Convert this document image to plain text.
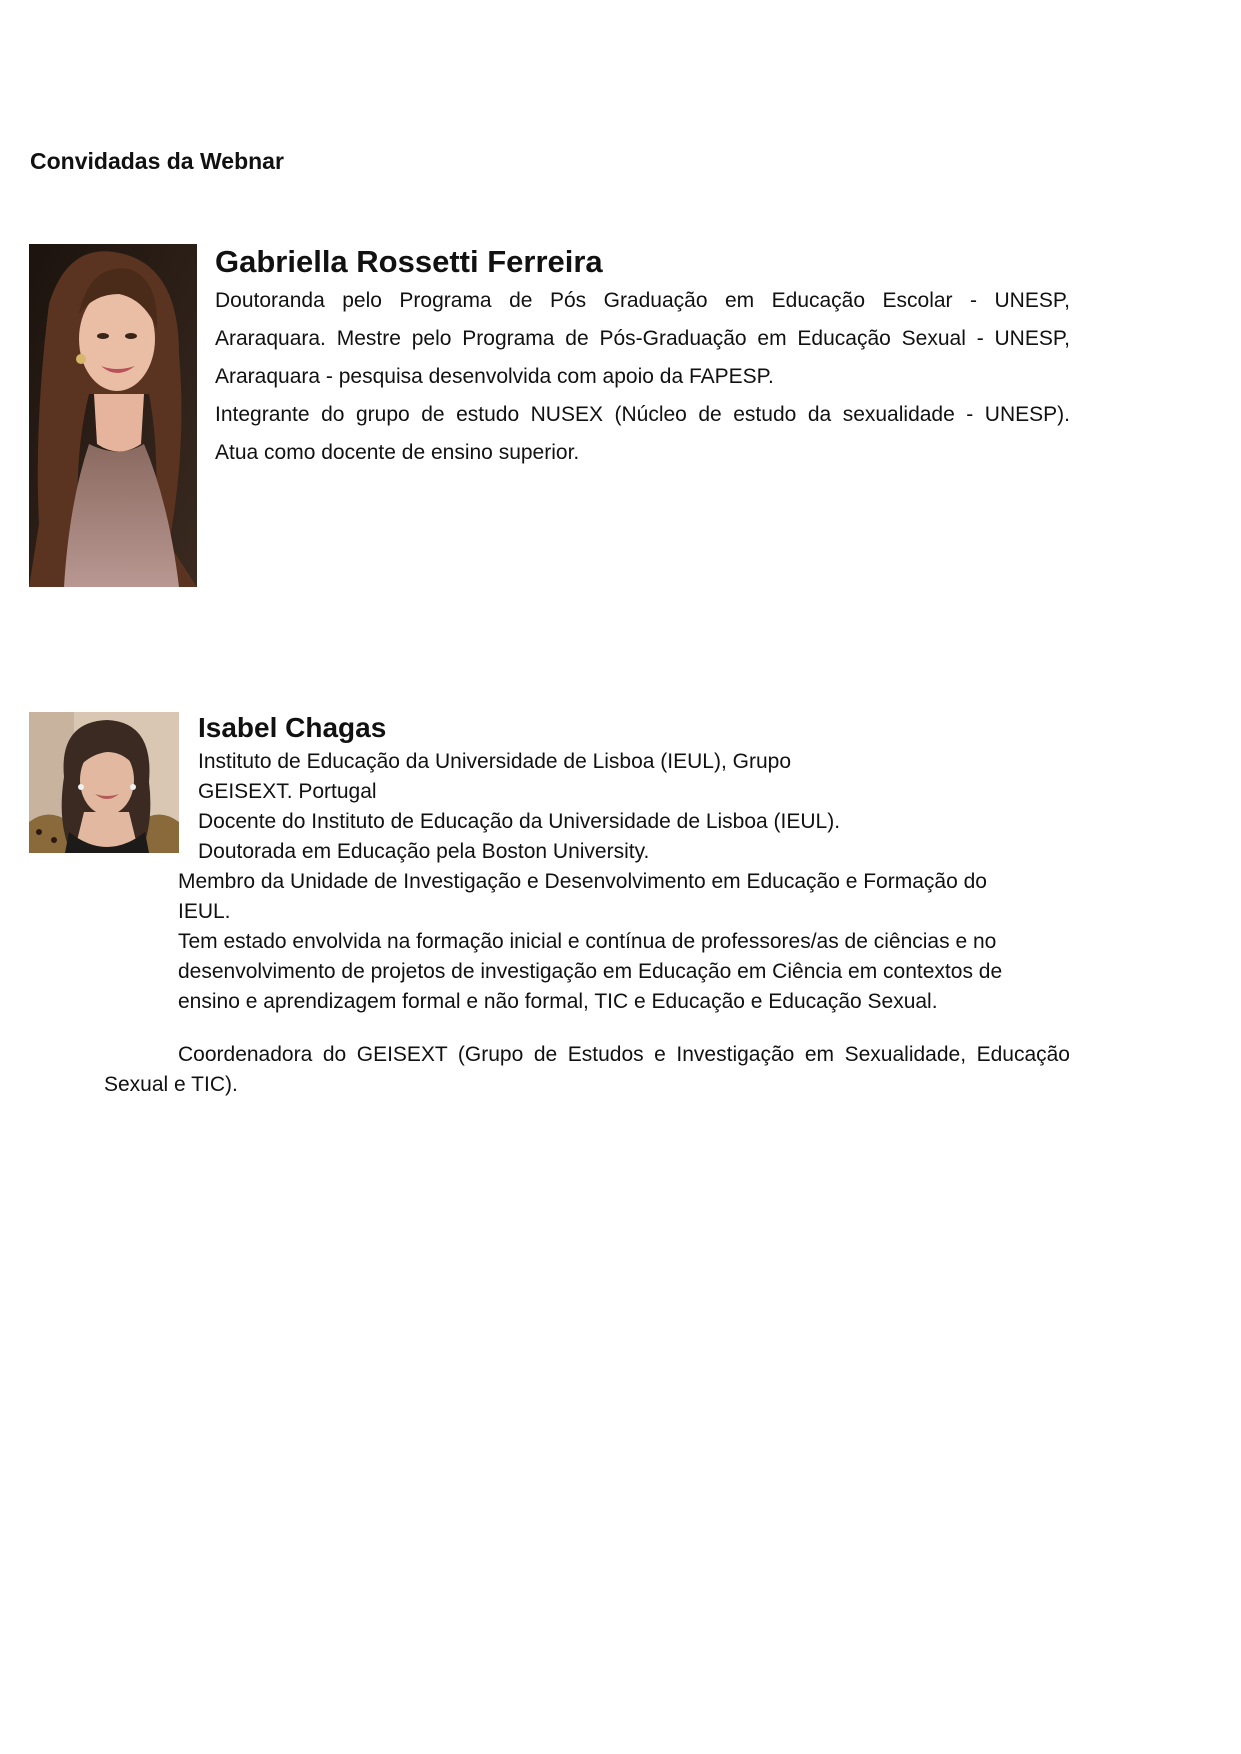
Convidadas da Webnar
Gabriella Rossetti Ferreira
Doutoranda pelo Programa de Pós Graduação em Educação Escolar - UNESP,
Araraquara. Mestre pelo Programa de Pós-Graduação em Educação Sexual - UNESP,
Araraquara - pesquisa desenvolvida com apoio da FAPESP.
Integrante do grupo de estudo NUSEX (Núcleo de estudo da sexualidade - UNESP).
Atua como docente de ensino superior.
Isabel Chagas
Instituto de Educação da Universidade de Lisboa (IEUL), Grupo
GEISEXT. Portugal
Docente do Instituto de Educação da Universidade de Lisboa (IEUL).
Doutorada em Educação pela Boston University.
Membro da Unidade de Investigação e Desenvolvimento em Educação e Formação do
IEUL.
Tem estado envolvida na formação inicial e contínua de professores/as de ciências e no
desenvolvimento de projetos de investigação em Educação em Ciência em contextos de
ensino e aprendizagem formal e não formal, TIC e Educação e Educação Sexual.
Coordenadora do GEISEXT (Grupo de Estudos e Investigação em Sexualidade, Educação
Sexual e TIC).
